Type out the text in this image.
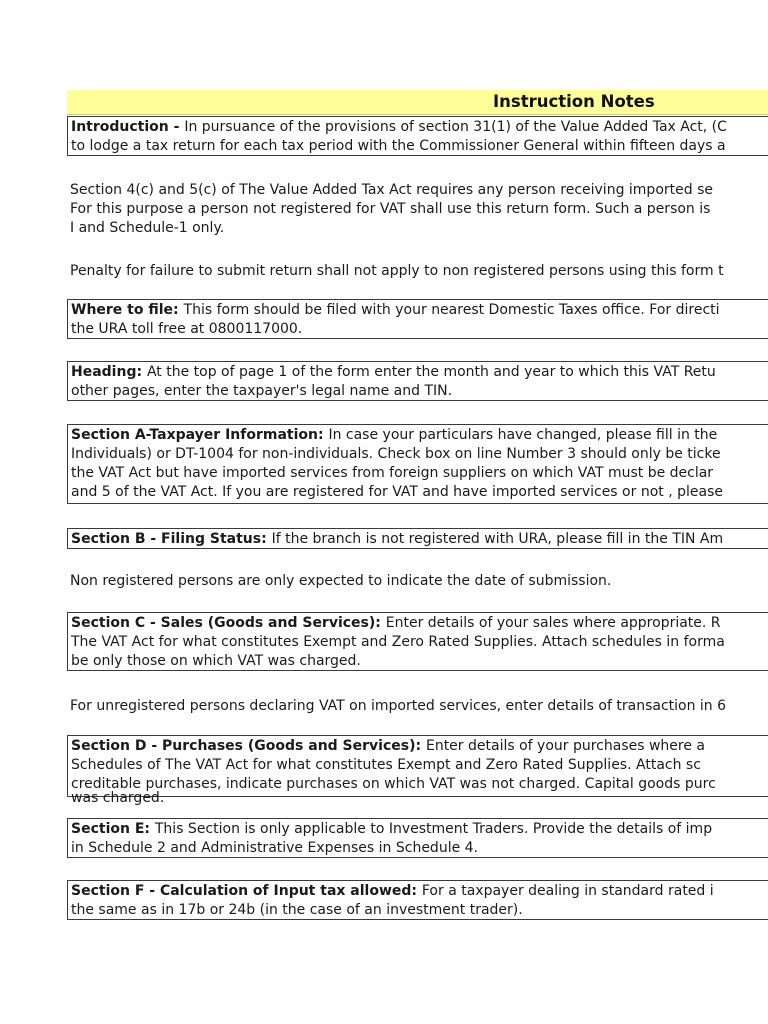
Instruction Notes
Introduction - In pursuance of the provisions of section 31(1) of the Value Added Tax Act, (C
to lodge a tax return for each tax period with the Commissioner General within fifteen days a
Section 4(c) and 5(c) of The Value Added Tax Act requires any person receiving imported se
For this purpose a person not registered for VAT shall use this return form. Such a person is
I and Schedule-1 only.
Penalty for failure to submit return shall not apply to non registered persons using this form t
Where to file: This form should be filed with your nearest Domestic Taxes office. For directi
the URA toll free at 0800117000.
Heading: At the top of page 1 of the form enter the month and year to which this VAT Retu
other pages, enter the taxpayer's legal name and TIN.
Section A-Taxpayer Information: In case your particulars have changed, please fill in the
Individuals) or DT-1004 for non-individuals. Check box on line Number 3 should only be ticke
the VAT Act but have imported services from foreign suppliers on which VAT must be declar
and 5 of the VAT Act. If you are registered for VAT and have imported services or not , please
Section B - Filing Status: If the branch is not registered with URA, please fill in the TIN Am
Non registered persons are only expected to indicate the date of submission.
Section C - Sales (Goods and Services): Enter details of your sales where appropriate. R
The VAT Act for what constitutes Exempt and Zero Rated Supplies. Attach schedules in forma
be only those on which VAT was charged.
For unregistered persons declaring VAT on imported services, enter details of transaction in 6
Section D - Purchases (Goods and Services): Enter details of your purchases where a
Schedules of The VAT Act for what constitutes Exempt and Zero Rated Supplies. Attach sc
creditable purchases, indicate purchases on which VAT was not charged. Capital goods purc
was charged.
Section E: This Section is only applicable to Investment Traders. Provide the details of imp
in Schedule 2 and Administrative Expenses in Schedule 4.
Section F - Calculation of Input tax allowed: For a taxpayer dealing in standard rated i
the same as in 17b or 24b (in the case of an investment trader).
